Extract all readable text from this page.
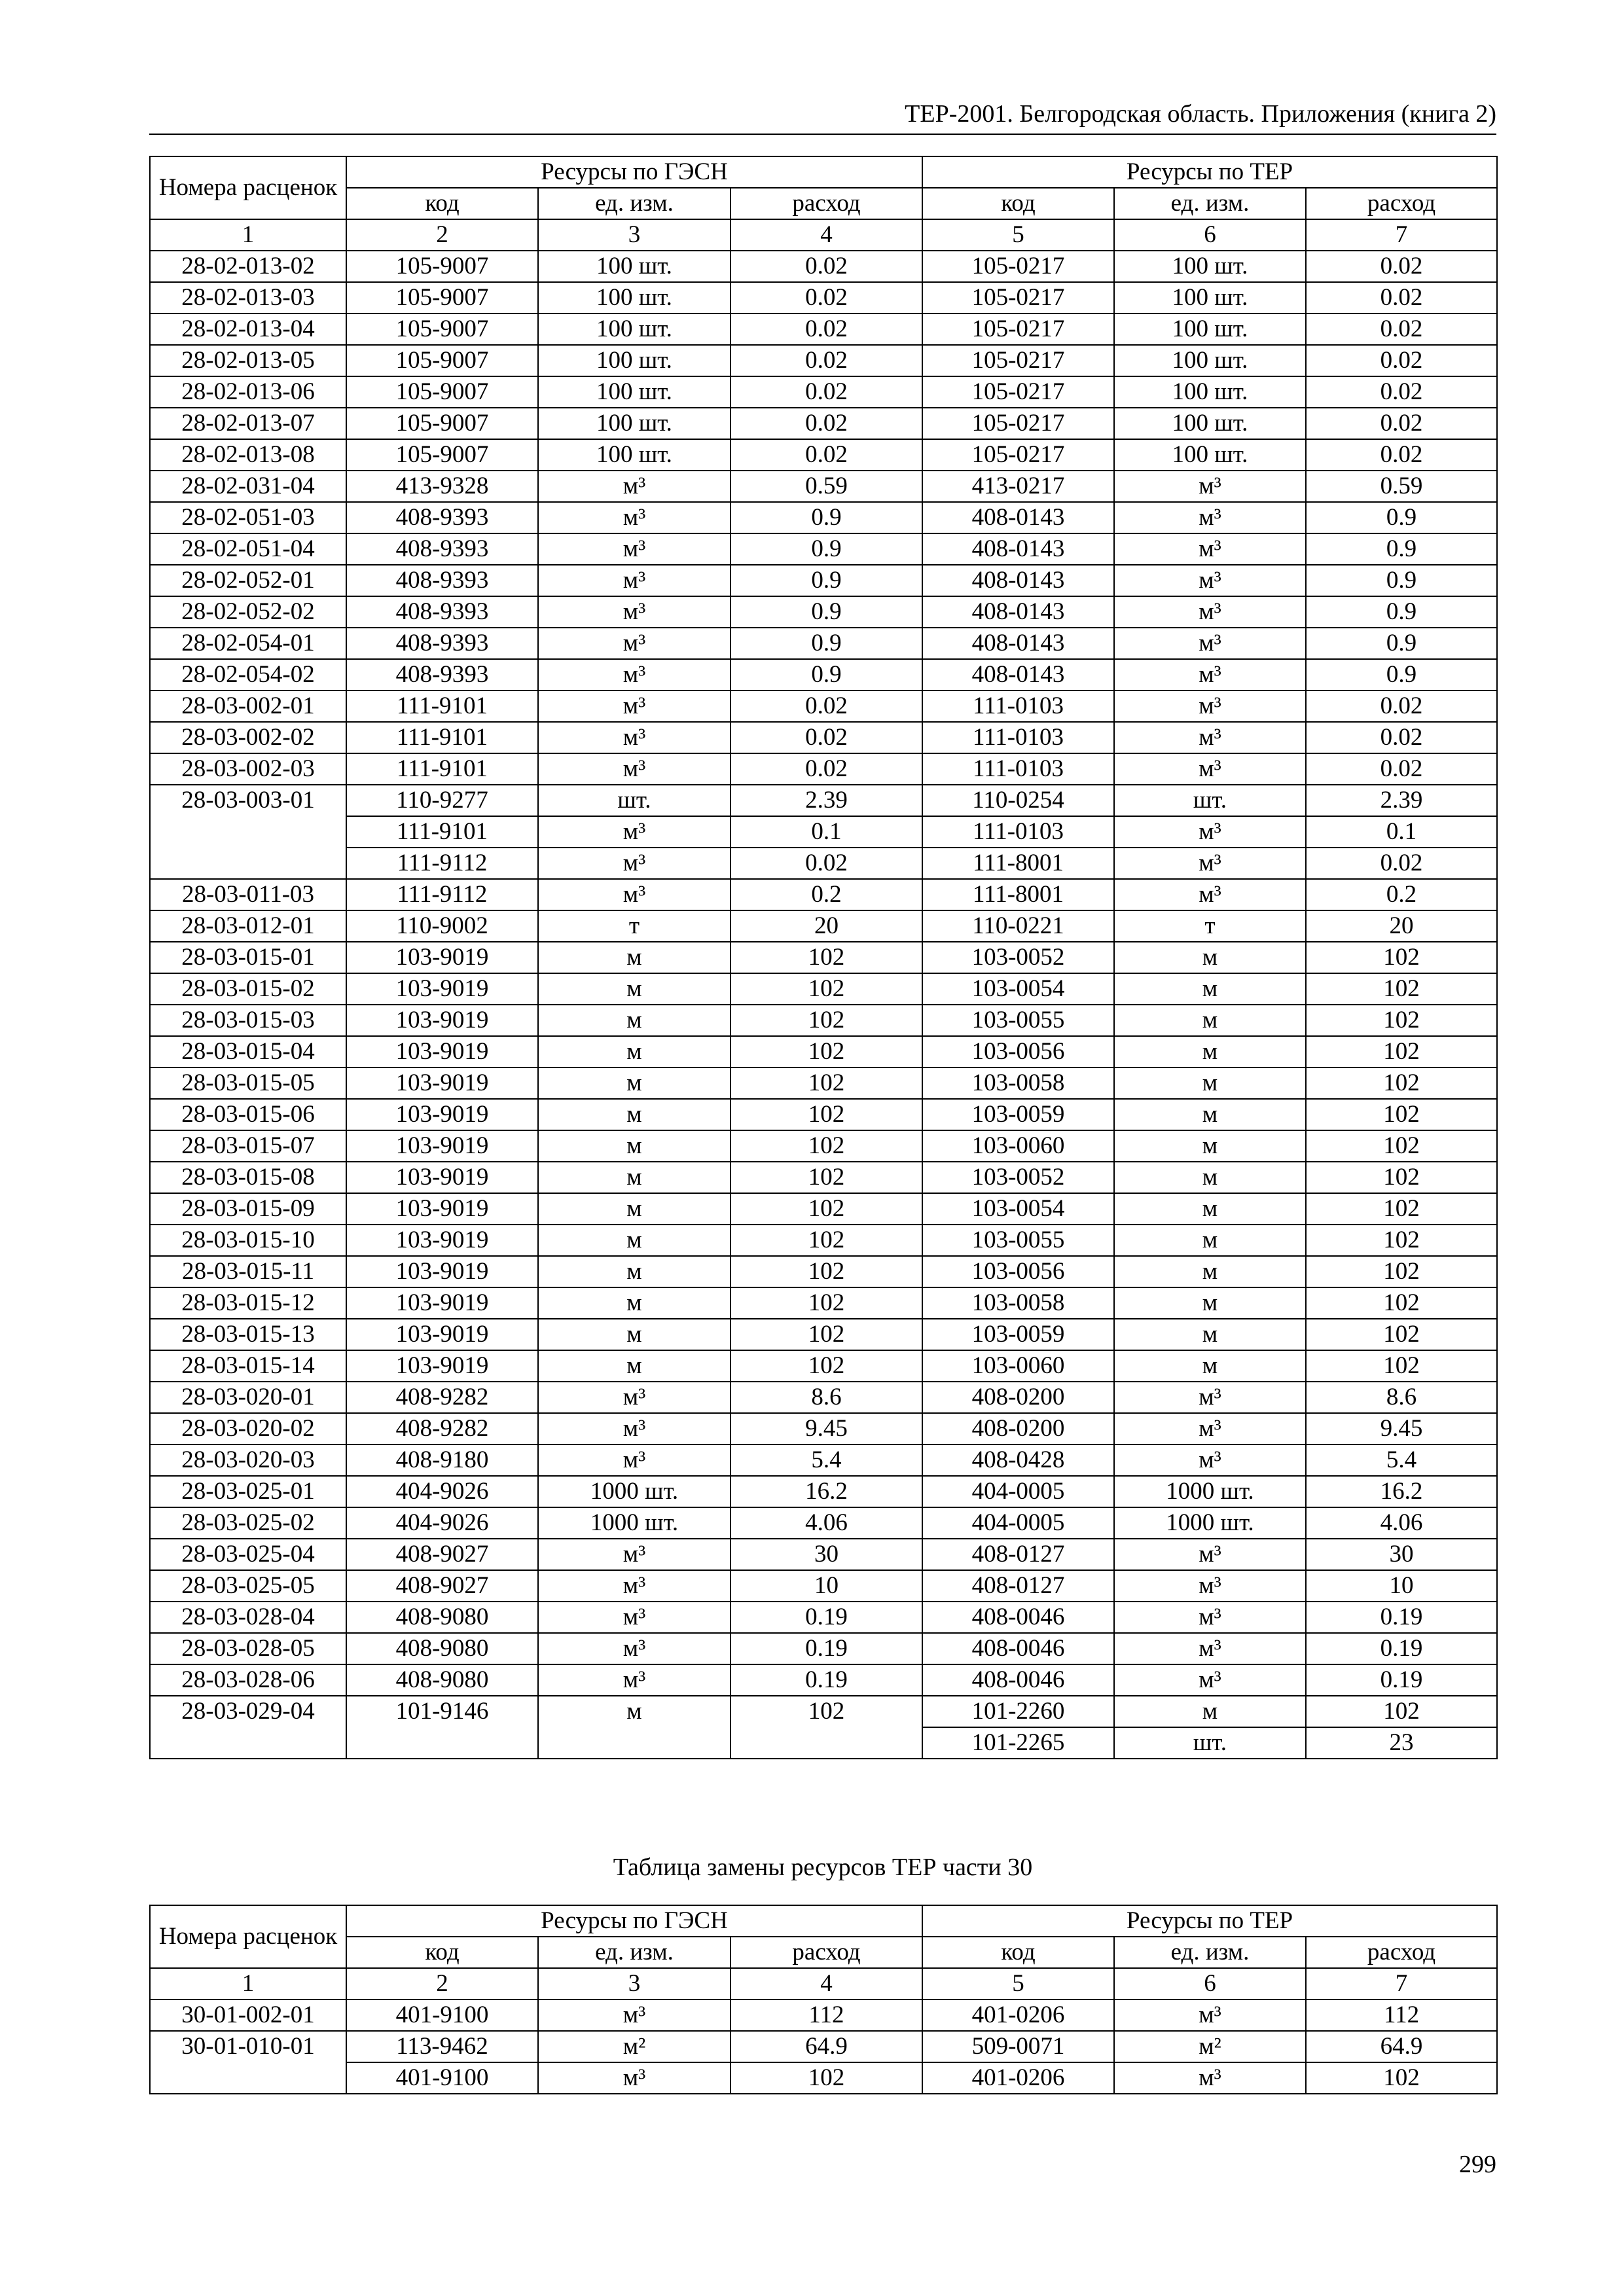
ТЕР-2001. Белгородская область. Приложения (книга 2)
Номера расценок	Ресурсы по ГЭСН			Ресурсы по ТЕР		
	код	ед. изм.	расход	код	ед. изм.	расход
1	2	3	4	5	6	7
28-02-013-02	105-9007	100 шт.	0.02	105-0217	100 шт.	0.02
28-02-013-03	105-9007	100 шт.	0.02	105-0217	100 шт.	0.02
28-02-013-04	105-9007	100 шт.	0.02	105-0217	100 шт.	0.02
28-02-013-05	105-9007	100 шт.	0.02	105-0217	100 шт.	0.02
28-02-013-06	105-9007	100 шт.	0.02	105-0217	100 шт.	0.02
28-02-013-07	105-9007	100 шт.	0.02	105-0217	100 шт.	0.02
28-02-013-08	105-9007	100 шт.	0.02	105-0217	100 шт.	0.02
28-02-031-04	413-9328	м³	0.59	413-0217	м³	0.59
28-02-051-03	408-9393	м³	0.9	408-0143	м³	0.9
28-02-051-04	408-9393	м³	0.9	408-0143	м³	0.9
28-02-052-01	408-9393	м³	0.9	408-0143	м³	0.9
28-02-052-02	408-9393	м³	0.9	408-0143	м³	0.9
28-02-054-01	408-9393	м³	0.9	408-0143	м³	0.9
28-02-054-02	408-9393	м³	0.9	408-0143	м³	0.9
28-03-002-01	111-9101	м³	0.02	111-0103	м³	0.02
28-03-002-02	111-9101	м³	0.02	111-0103	м³	0.02
28-03-002-03	111-9101	м³	0.02	111-0103	м³	0.02
28-03-003-01	110-9277	шт.	2.39	110-0254	шт.	2.39
	111-9101	м³	0.1	111-0103	м³	0.1
	111-9112	м³	0.02	111-8001	м³	0.02
28-03-011-03	111-9112	м³	0.2	111-8001	м³	0.2
28-03-012-01	110-9002	т	20	110-0221	т	20
28-03-015-01	103-9019	м	102	103-0052	м	102
28-03-015-02	103-9019	м	102	103-0054	м	102
28-03-015-03	103-9019	м	102	103-0055	м	102
28-03-015-04	103-9019	м	102	103-0056	м	102
28-03-015-05	103-9019	м	102	103-0058	м	102
28-03-015-06	103-9019	м	102	103-0059	м	102
28-03-015-07	103-9019	м	102	103-0060	м	102
28-03-015-08	103-9019	м	102	103-0052	м	102
28-03-015-09	103-9019	м	102	103-0054	м	102
28-03-015-10	103-9019	м	102	103-0055	м	102
28-03-015-11	103-9019	м	102	103-0056	м	102
28-03-015-12	103-9019	м	102	103-0058	м	102
28-03-015-13	103-9019	м	102	103-0059	м	102
28-03-015-14	103-9019	м	102	103-0060	м	102
28-03-020-01	408-9282	м³	8.6	408-0200	м³	8.6
28-03-020-02	408-9282	м³	9.45	408-0200	м³	9.45
28-03-020-03	408-9180	м³	5.4	408-0428	м³	5.4
28-03-025-01	404-9026	1000 шт.	16.2	404-0005	1000 шт.	16.2
28-03-025-02	404-9026	1000 шт.	4.06	404-0005	1000 шт.	4.06
28-03-025-04	408-9027	м³	30	408-0127	м³	30
28-03-025-05	408-9027	м³	10	408-0127	м³	10
28-03-028-04	408-9080	м³	0.19	408-0046	м³	0.19
28-03-028-05	408-9080	м³	0.19	408-0046	м³	0.19
28-03-028-06	408-9080	м³	0.19	408-0046	м³	0.19
28-03-029-04	101-9146	м	102	101-2260	м	102
				101-2265	шт.	23
Таблица замены ресурсов ТЕР части 30
Номера расценок	Ресурсы по ГЭСН			Ресурсы по ТЕР		
	код	ед. изм.	расход	код	ед. изм.	расход
1	2	3	4	5	6	7
30-01-002-01	401-9100	м³	112	401-0206	м³	112
30-01-010-01	113-9462	м²	64.9	509-0071	м²	64.9
	401-9100	м³	102	401-0206	м³	102
299
